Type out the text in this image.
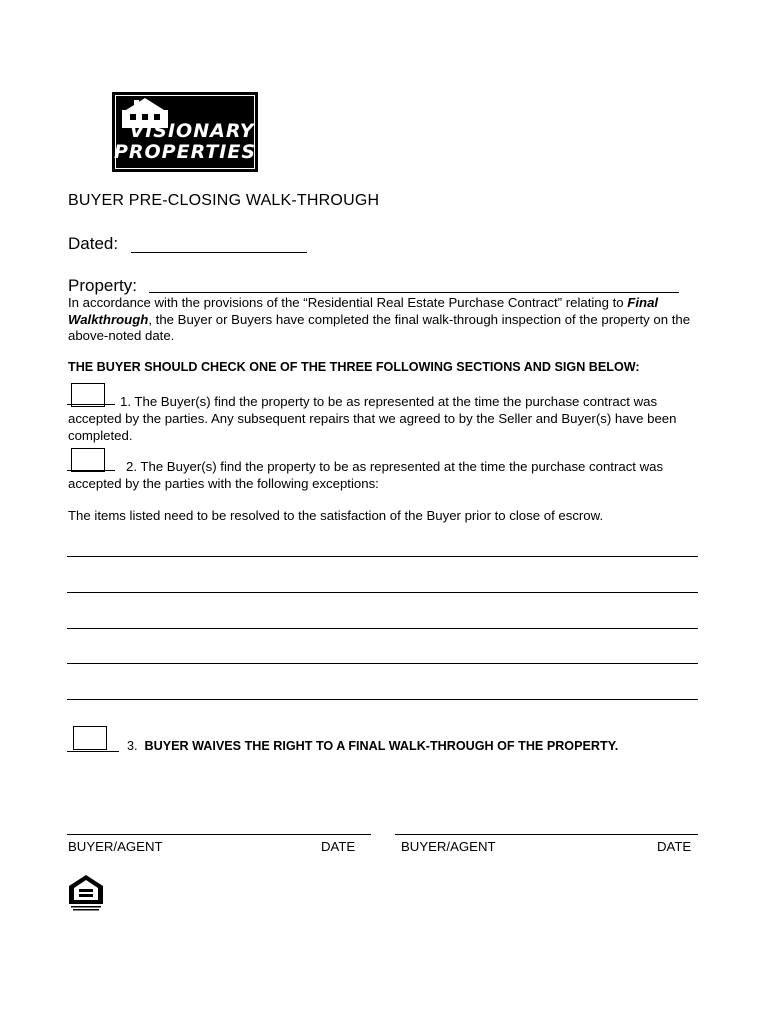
VISIONARY
PROPERTIES
BUYER PRE-CLOSING WALK-THROUGH
Dated:
Property:
In accordance with the provisions of the “Residential Real Estate Purchase Contract” relating to Final Walkthrough, the Buyer or Buyers have completed the final walk-through inspection of the property on the above-noted date.
THE BUYER SHOULD CHECK ONE OF THE THREE FOLLOWING SECTIONS AND SIGN BELOW:
1. The Buyer(s) find the property to be as represented at the time the purchase contract was accepted by the parties. Any subsequent repairs that we agreed to by the Seller and Buyer(s) have been completed.
2. The Buyer(s) find the property to be as represented at the time the purchase contract was accepted by the parties with the following exceptions:
The items listed need to be resolved to the satisfaction of the Buyer prior to close of escrow.
3. BUYER WAIVES THE RIGHT TO A FINAL WALK-THROUGH OF THE PROPERTY.
BUYER/AGENT	DATE	BUYER/AGENT	DATE
